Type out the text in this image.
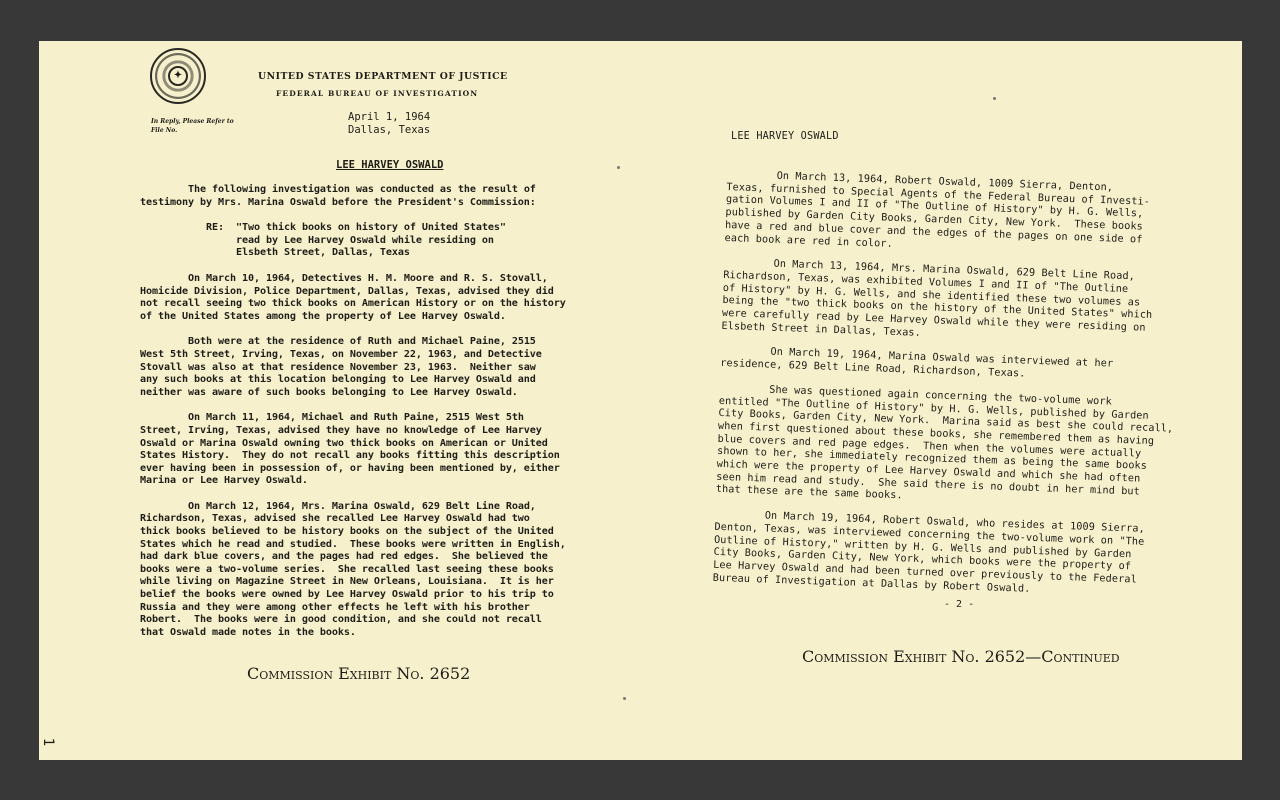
✦	UNITED STATES DEPARTMENT OF JUSTICE
FEDERAL BUREAU OF INVESTIGATION
In Reply, Please Refer to
File No.
April 1, 1964
Dallas, Texas
LEE HARVEY OSWALD

The following investigation was conducted as the result of
testimony by Mrs. Marina Oswald before the President's Commission:

RE:  "Two thick books on history of United States"
read by Lee Harvey Oswald while residing on
Elsbeth Street, Dallas, Texas

On March 10, 1964, Detectives H. M. Moore and R. S. Stovall,
Homicide Division, Police Department, Dallas, Texas, advised they did
not recall seeing two thick books on American History or on the history
of the United States among the property of Lee Harvey Oswald.

Both were at the residence of Ruth and Michael Paine, 2515
West 5th Street, Irving, Texas, on November 22, 1963, and Detective
Stovall was also at that residence November 23, 1963.  Neither saw
any such books at this location belonging to Lee Harvey Oswald and
neither was aware of such books belonging to Lee Harvey Oswald.

On March 11, 1964, Michael and Ruth Paine, 2515 West 5th
Street, Irving, Texas, advised they have no knowledge of Lee Harvey
Oswald or Marina Oswald owning two thick books on American or United
States History.  They do not recall any books fitting this description
ever having been in possession of, or having been mentioned by, either
Marina or Lee Harvey Oswald.

On March 12, 1964, Mrs. Marina Oswald, 629 Belt Line Road,
Richardson, Texas, advised she recalled Lee Harvey Oswald had two
thick books believed to be history books on the subject of the United
States which he read and studied.  These books were written in English,
had dark blue covers, and the pages had red edges.  She believed the
books were a two-volume series.  She recalled last seeing these books
while living on Magazine Street in New Orleans, Louisiana.  It is her
belief the books were owned by Lee Harvey Oswald prior to his trip to
Russia and they were among other effects he left with his brother
Robert.  The books were in good condition, and she could not recall
that Oswald made notes in the books.

Commission Exhibit No. 2652
1
LEE HARVEY OSWALD

On March 13, 1964, Robert Oswald, 1009 Sierra, Denton,
Texas, furnished to Special Agents of the Federal Bureau of Investi-
gation Volumes I and II of "The Outline of History" by H. G. Wells,
published by Garden City Books, Garden City, New York.  These books
have a red and blue cover and the edges of the pages on one side of
each book are red in color.

On March 13, 1964, Mrs. Marina Oswald, 629 Belt Line Road,
Richardson, Texas, was exhibited Volumes I and II of "The Outline
of History" by H. G. Wells, and she identified these two volumes as
being the "two thick books on the history of the United States" which
were carefully read by Lee Harvey Oswald while they were residing on
Elsbeth Street in Dallas, Texas.

On March 19, 1964, Marina Oswald was interviewed at her
residence, 629 Belt Line Road, Richardson, Texas.

She was questioned again concerning the two-volume work
entitled "The Outline of History" by H. G. Wells, published by Garden
City Books, Garden City, New York.  Marina said as best she could recall,
when first questioned about these books, she remembered them as having
blue covers and red page edges.  Then when the volumes were actually
shown to her, she immediately recognized them as being the same books
which were the property of Lee Harvey Oswald and which she had often
seen him read and study.  She said there is no doubt in her mind but
that these are the same books.

On March 19, 1964, Robert Oswald, who resides at 1009 Sierra,
Denton, Texas, was interviewed concerning the two-volume work on "The
Outline of History," written by H. G. Wells and published by Garden
City Books, Garden City, New York, which books were the property of
Lee Harvey Oswald and had been turned over previously to the Federal
Bureau of Investigation at Dallas by Robert Oswald.

- 2 -
Commission Exhibit No. 2652—Continued
